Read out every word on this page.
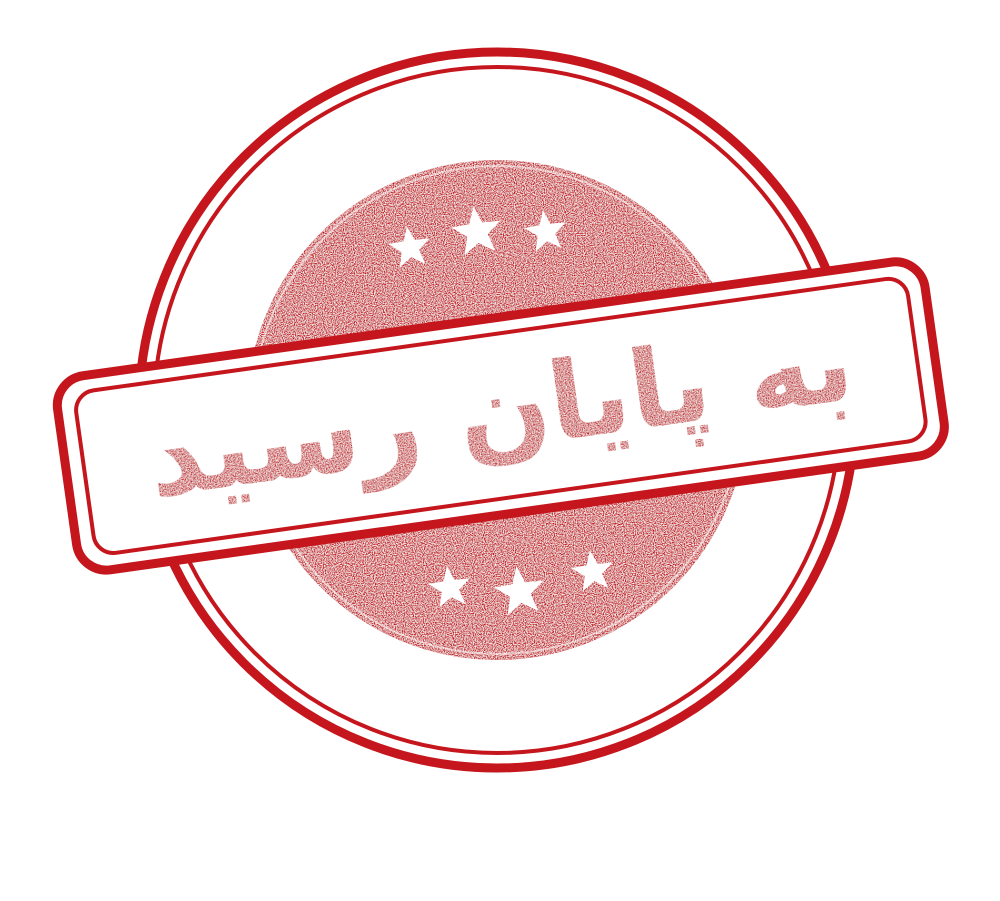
به پایان رسید
